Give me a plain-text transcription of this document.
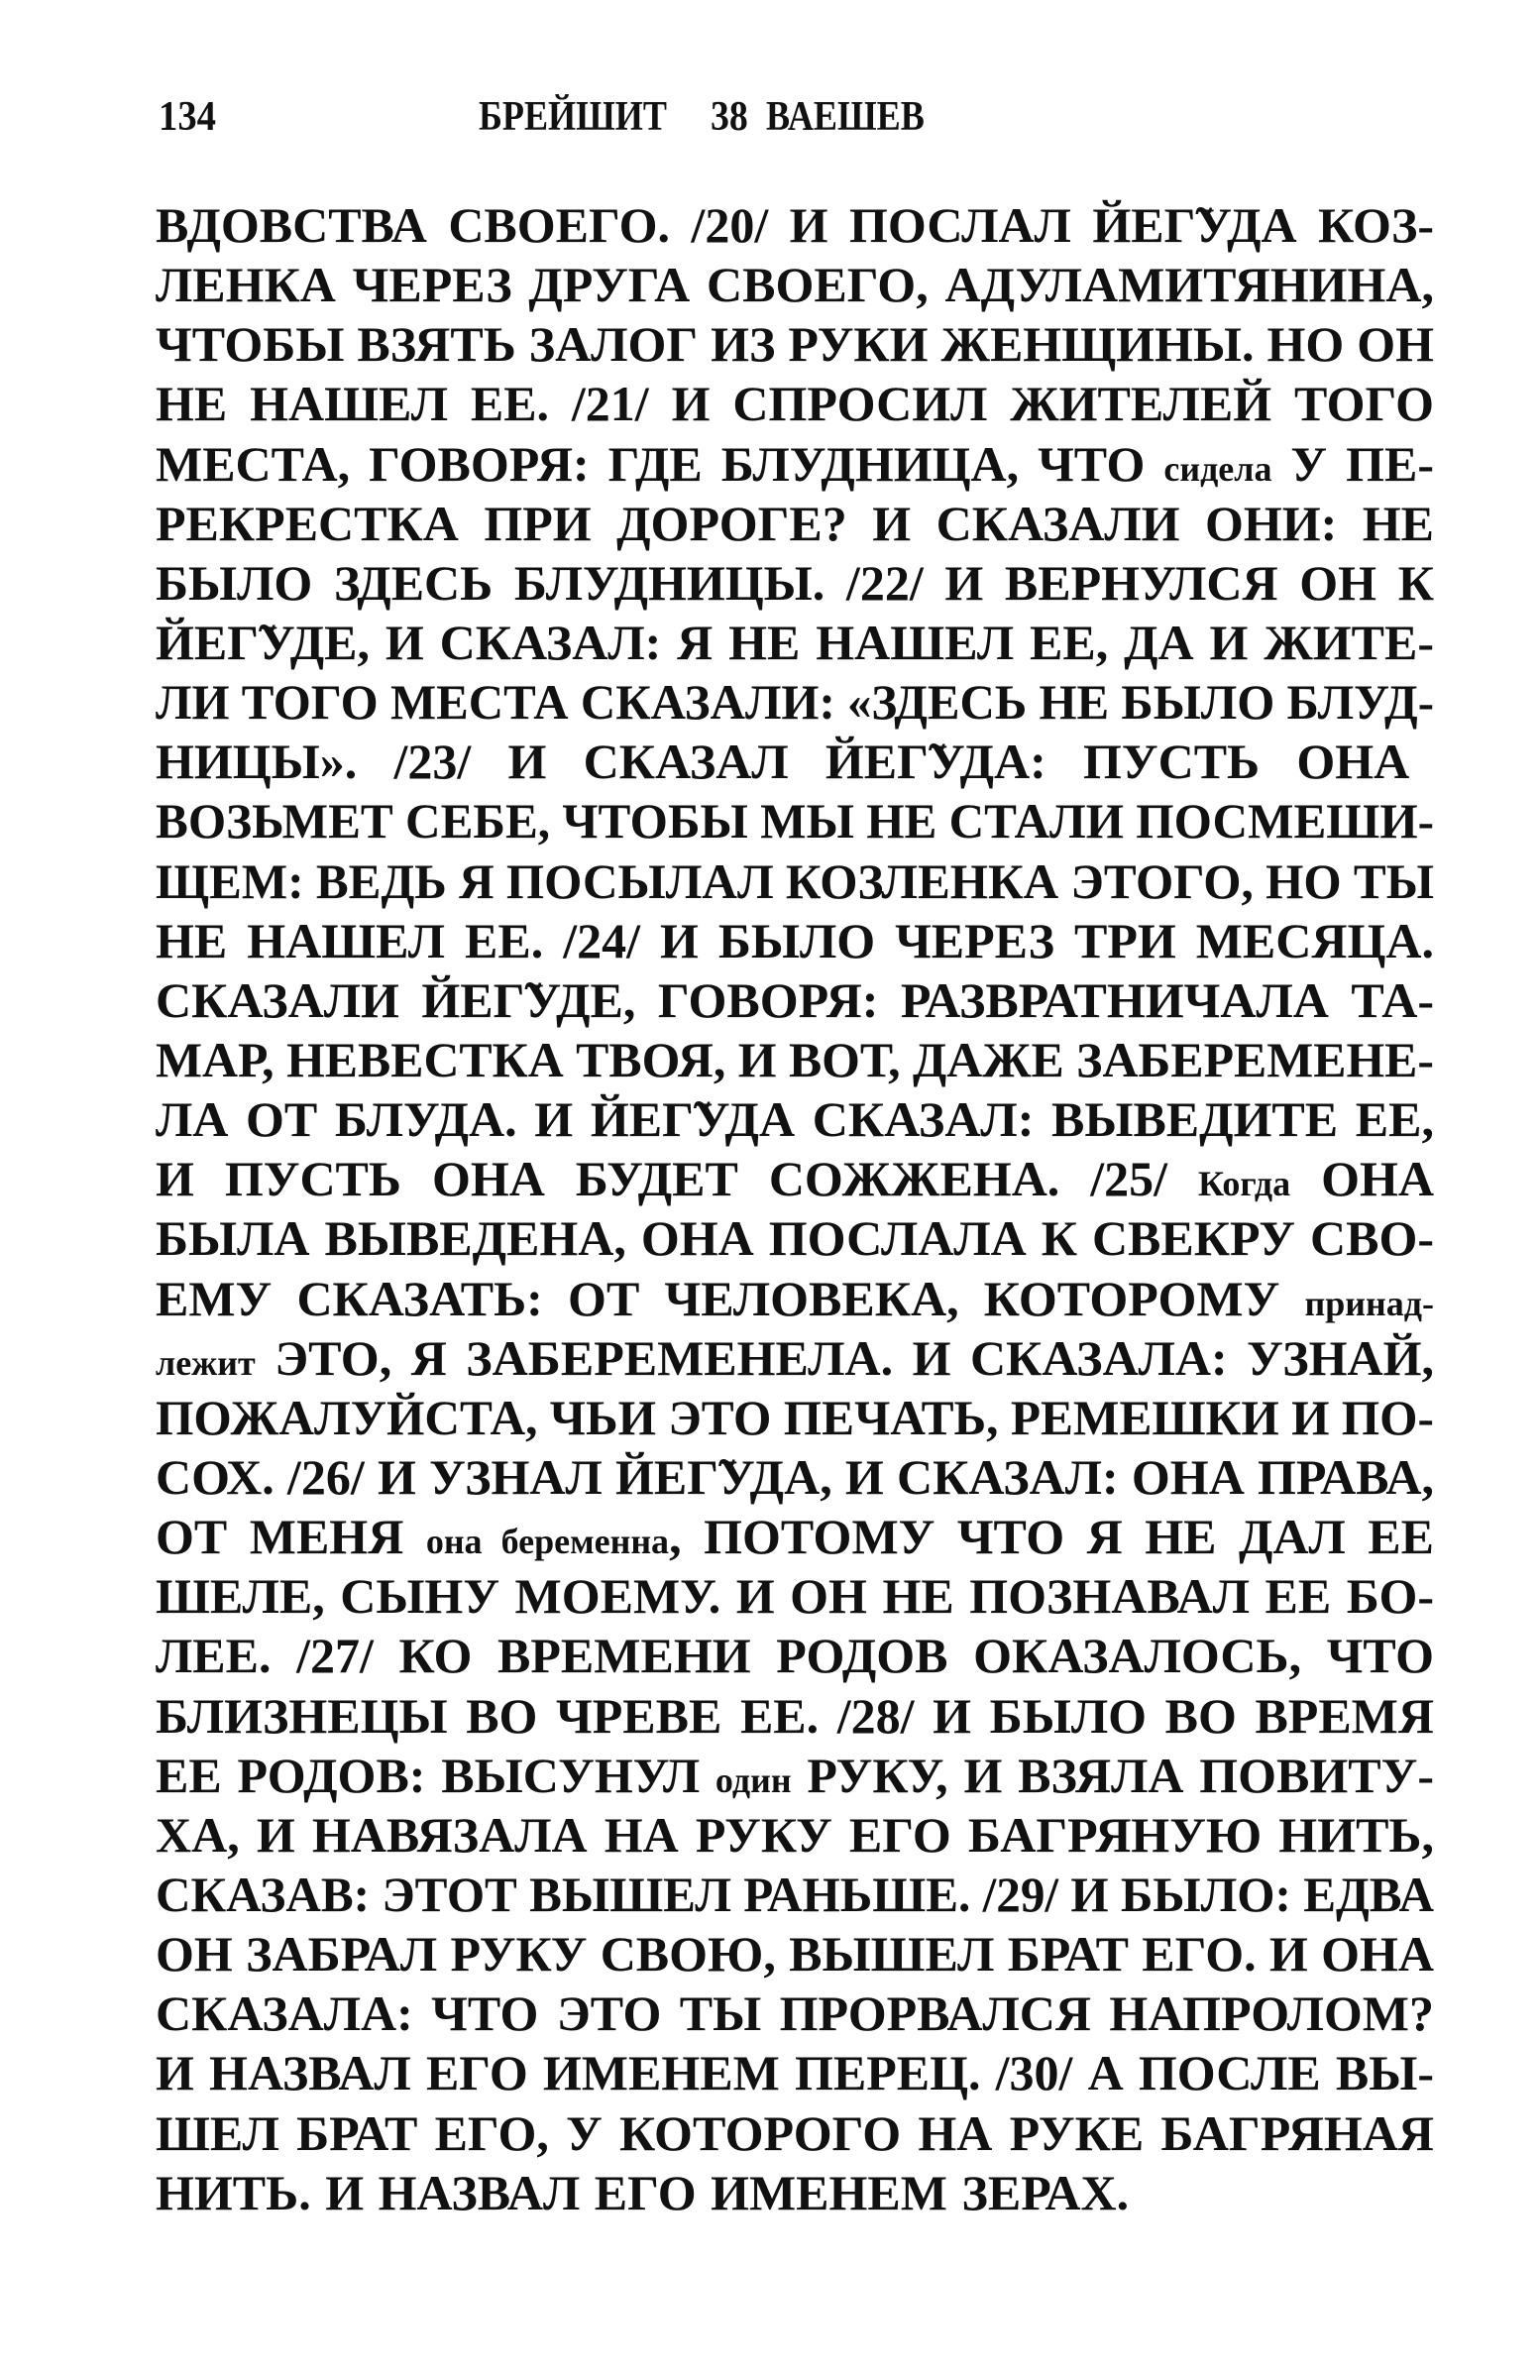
134	БРЕЙШИТ 38 ВАЕШЕВ
ВДОВСТВА СВОЕГО. /20/ И ПОСЛАЛ ЙЕГ̃УДА КОЗ-
ЛЕНКА ЧЕРЕЗ ДРУГА СВОЕГО, АДУЛАМИТЯНИНА,
ЧТОБЫ ВЗЯТЬ ЗАЛОГ ИЗ РУКИ ЖЕНЩИНЫ. НО ОН
НЕ НАШЕЛ ЕЕ. /21/ И СПРОСИЛ ЖИТЕЛЕЙ ТОГО
МЕСТА, ГОВОРЯ: ГДЕ БЛУДНИЦА, ЧТО сидела У ПЕ-
РЕКРЕСТКА ПРИ ДОРОГЕ? И СКАЗАЛИ ОНИ: НЕ
БЫЛО ЗДЕСЬ БЛУДНИЦЫ. /22/ И ВЕРНУЛСЯ ОН К
ЙЕГ̃УДЕ, И СКАЗАЛ: Я НЕ НАШЕЛ ЕЕ, ДА И ЖИТЕ-
ЛИ ТОГО МЕСТА СКАЗАЛИ: «ЗДЕСЬ НЕ БЫЛО БЛУД-
НИЦЫ». /23/ И СКАЗАЛ ЙЕГ̃УДА: ПУСТЬ ОНА
ВОЗЬМЕТ СЕБЕ, ЧТОБЫ МЫ НЕ СТАЛИ ПОСМЕШИ-
ЩЕМ: ВЕДЬ Я ПОСЫЛАЛ КОЗЛЕНКА ЭТОГО, НО ТЫ
НЕ НАШЕЛ ЕЕ. /24/ И БЫЛО ЧЕРЕЗ ТРИ МЕСЯЦА.
СКАЗАЛИ ЙЕГ̃УДЕ, ГОВОРЯ: РАЗВРАТНИЧАЛА ТА-
МАР, НЕВЕСТКА ТВОЯ, И ВОТ, ДАЖЕ ЗАБЕРЕМЕНЕ-
ЛА ОТ БЛУДА. И ЙЕГ̃УДА СКАЗАЛ: ВЫВЕДИТЕ ЕЕ,
И ПУСТЬ ОНА БУДЕТ СОЖЖЕНА. /25/ Когда ОНА
БЫЛА ВЫВЕДЕНА, ОНА ПОСЛАЛА К СВЕКРУ СВО-
ЕМУ СКАЗАТЬ: ОТ ЧЕЛОВЕКА, КОТОРОМУ принад-
лежит ЭТО, Я ЗАБЕРЕМЕНЕЛА. И СКАЗАЛА: УЗНАЙ,
ПОЖАЛУЙСТА, ЧЬИ ЭТО ПЕЧАТЬ, РЕМЕШКИ И ПО-
СОХ. /26/ И УЗНАЛ ЙЕГ̃УДА, И СКАЗАЛ: ОНА ПРАВА,
ОТ МЕНЯ она беременна, ПОТОМУ ЧТО Я НЕ ДАЛ ЕЕ
ШЕЛЕ, СЫНУ МОЕМУ. И ОН НЕ ПОЗНАВАЛ ЕЕ БО-
ЛЕЕ. /27/ КО ВРЕМЕНИ РОДОВ ОКАЗАЛОСЬ, ЧТО
БЛИЗНЕЦЫ ВО ЧРЕВЕ ЕЕ. /28/ И БЫЛО ВО ВРЕМЯ
ЕЕ РОДОВ: ВЫСУНУЛ один РУКУ, И ВЗЯЛА ПОВИТУ-
ХА, И НАВЯЗАЛА НА РУКУ ЕГО БАГРЯНУЮ НИТЬ,
СКАЗАВ: ЭТОТ ВЫШЕЛ РАНЬШЕ. /29/ И БЫЛО: ЕДВА
ОН ЗАБРАЛ РУКУ СВОЮ, ВЫШЕЛ БРАТ ЕГО. И ОНА
СКАЗАЛА: ЧТО ЭТО ТЫ ПРОРВАЛСЯ НАПРОЛОМ?
И НАЗВАЛ ЕГО ИМЕНЕМ ПЕРЕЦ. /30/ А ПОСЛЕ ВЫ-
ШЕЛ БРАТ ЕГО, У КОТОРОГО НА РУКЕ БАГРЯНАЯ
НИТЬ. И НАЗВАЛ ЕГО ИМЕНЕМ ЗЕРАХ.
